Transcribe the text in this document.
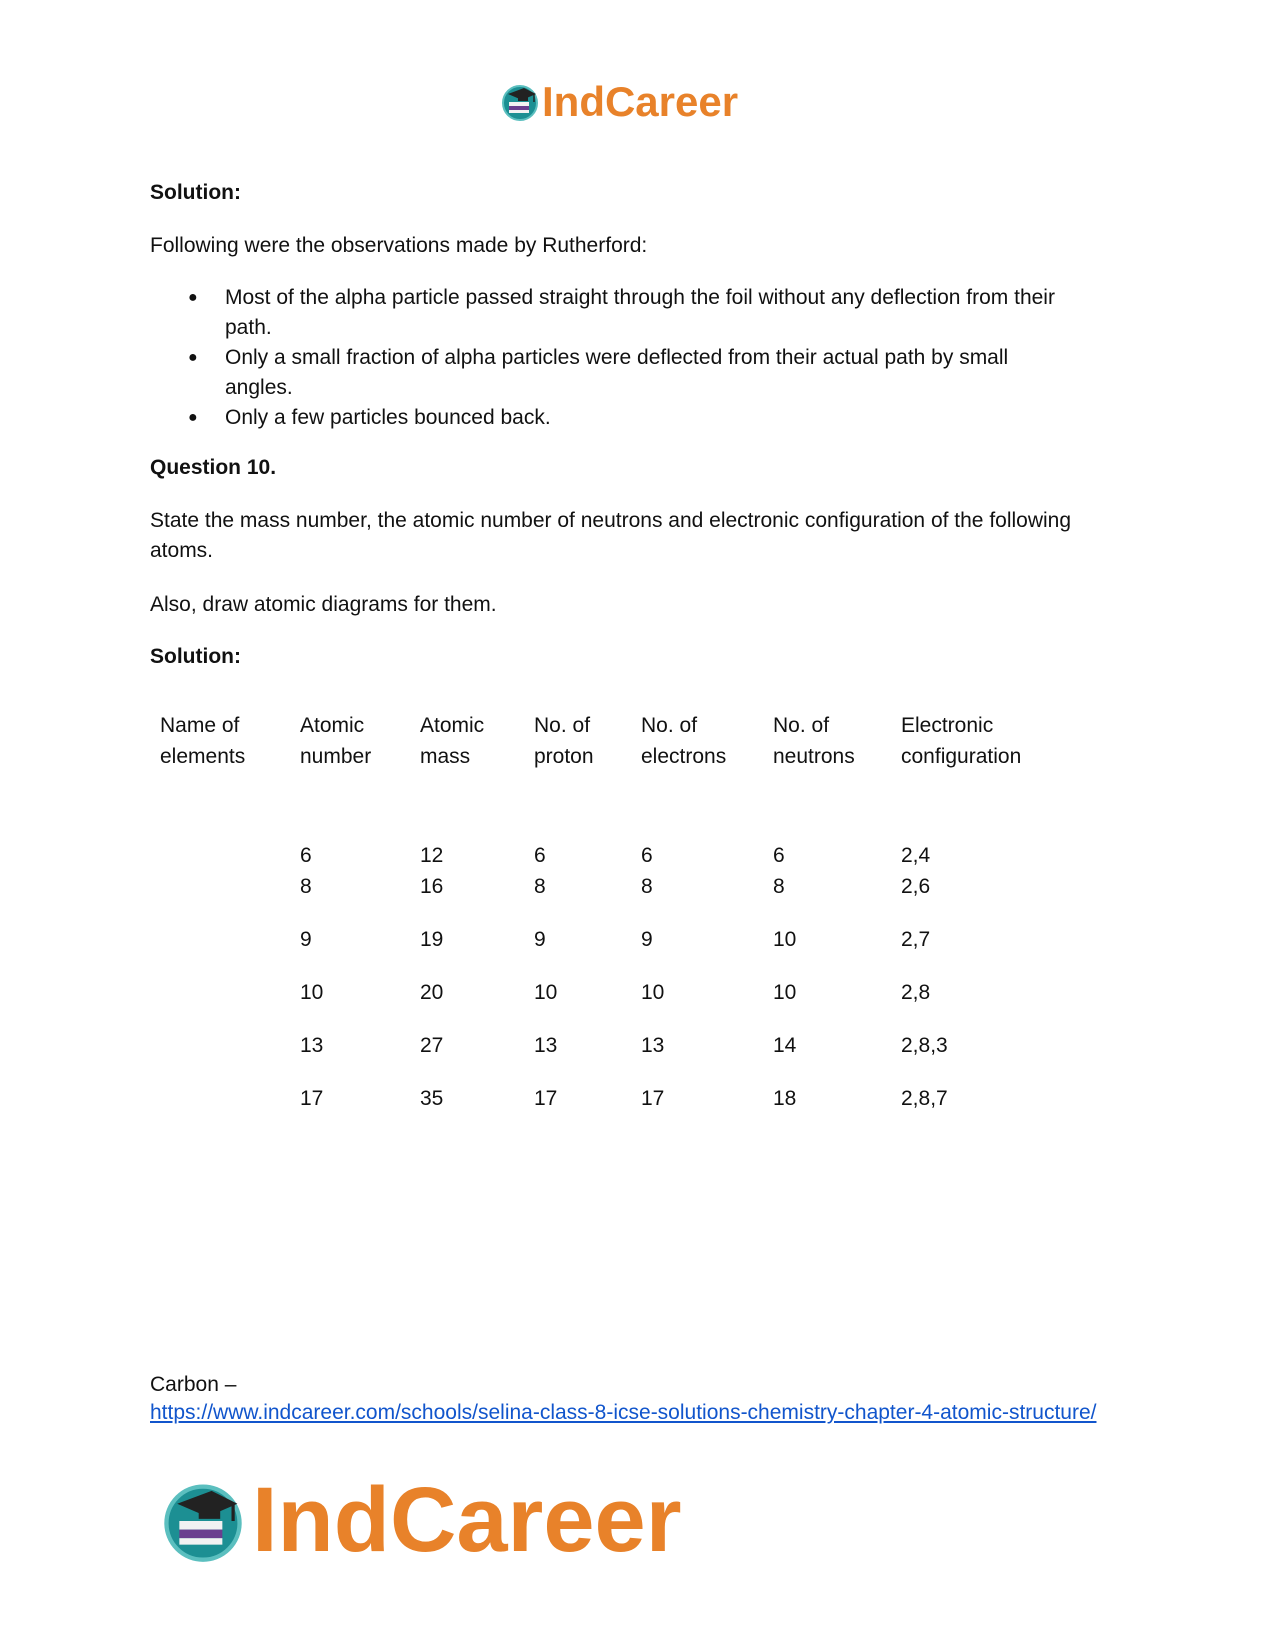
IndCareer

Solution:

Following were the observations made by Rutherford:

● Most of the alpha particle passed straight through the foil without any deflection from their path.
● Only a small fraction of alpha particles were deflected from their actual path by small angles.
● Only a few particles bounced back.

Question 10.

State the mass number, the atomic number of neutrons and electronic configuration of the following atoms.

Also, draw atomic diagrams for them.

Solution:

Name of elements	Atomic number	Atomic mass	No. of proton	No. of electrons	No. of neutrons	Electronic configuration
	6	12	6	6	6	2,4
	8	16	8	8	8	2,6
	9	19	9	9	10	2,7
	10	20	10	10	10	2,8
	13	27	13	13	14	2,8,3
	17	35	17	17	18	2,8,7

Carbon –

https://www.indcareer.com/schools/selina-class-8-icse-solutions-chemistry-chapter-4-atomic-structure/
IndCareer
